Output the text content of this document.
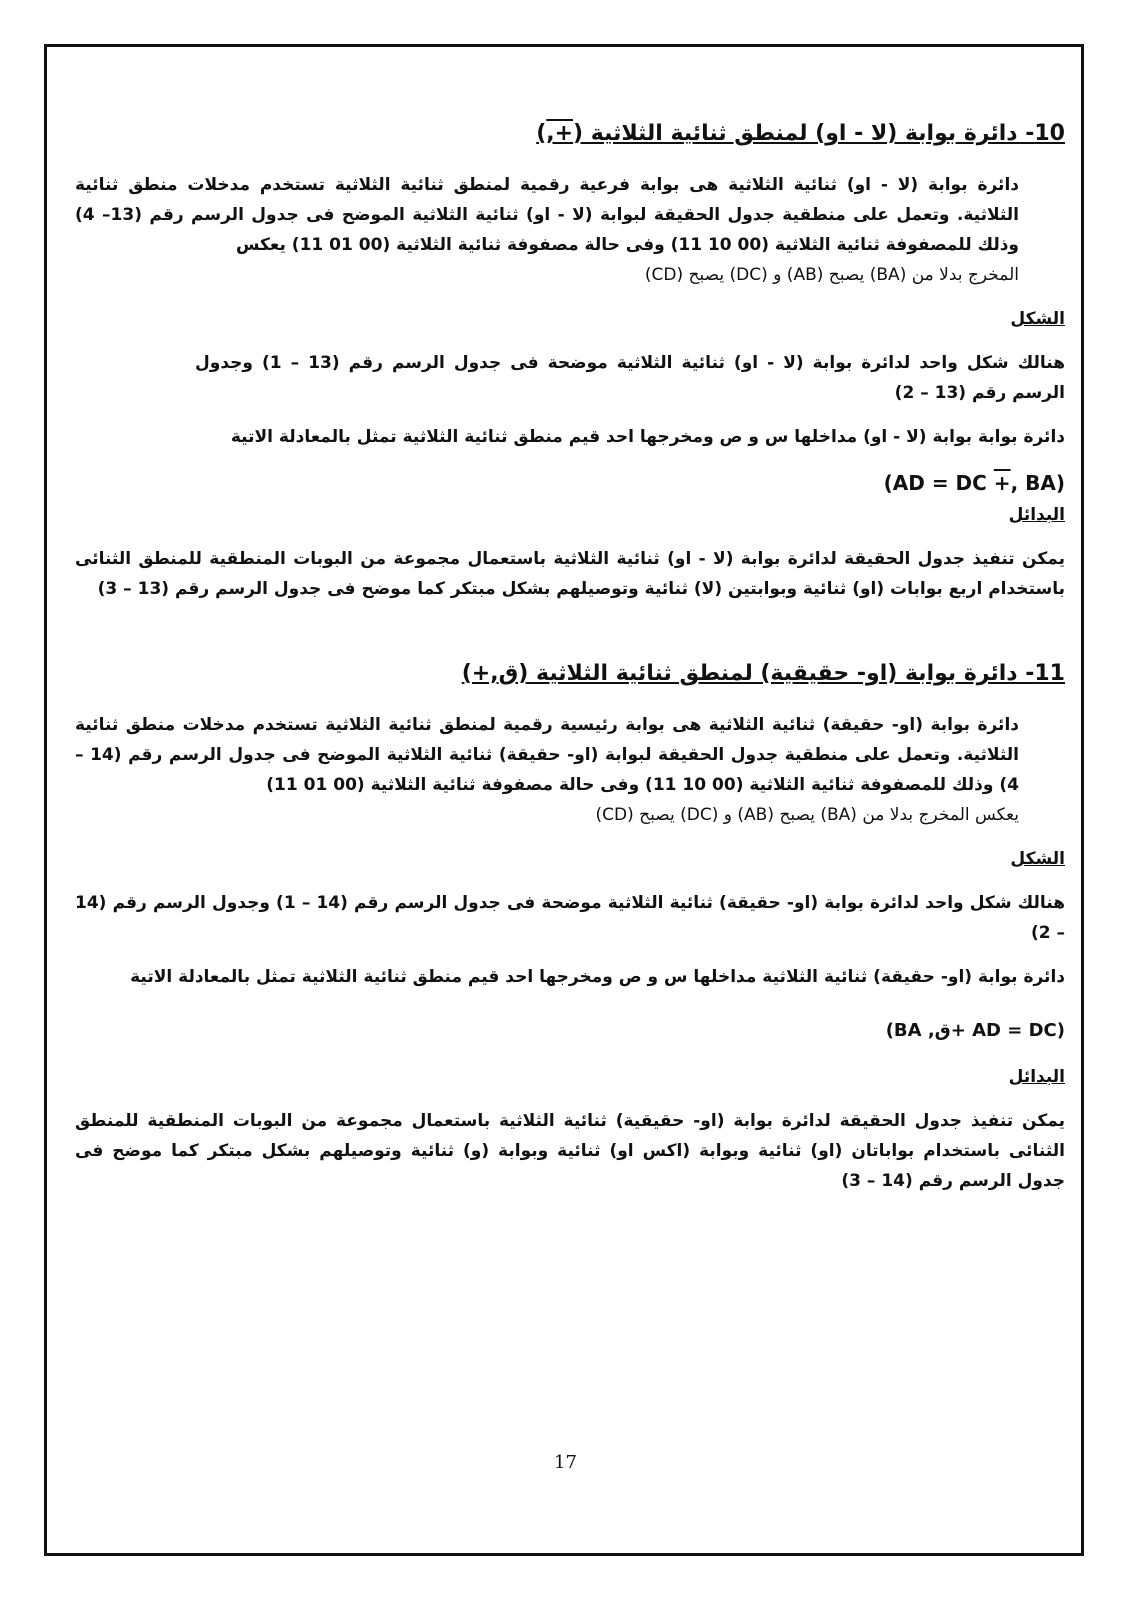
10- دائرة بوابة (لا - او) لمنطق ثنائية الثلاثية (+,)

دائرة بوابة (لا - او) ثنائية الثلاثية هى بوابة فرعية رقمية لمنطق ثنائية الثلاثية تستخدم مدخلات منطق ثنائية الثلاثية. وتعمل على منطقية جدول الحقيقة لبوابة (لا - او) ثنائية الثلاثية الموضح فى جدول الرسم رقم (13– 4) وذلك للمصفوفة ثنائية الثلاثية (00 10 11) وفى حالة مصفوفة ثنائية الثلاثية (00 01 11) يعكس

المخرج بدلا من (BA) يصبح (AB) و (DC) يصبح (CD)

الشكل

هنالك شكل واحد لدائرة بوابة (لا - او) ثنائية الثلاثية موضحة فى جدول الرسم رقم (13 – 1) وجدول الرسم رقم (13 – 2)

دائرة بوابة بوابة (لا - او) مداخلها س و ص ومخرجها احد قيم منطق ثنائية الثلاثية تمثل بالمعادلة الاتية

(AD = DC +, BA)

البدائل

يمكن تنفيذ جدول الحقيقة لدائرة بوابة (لا - او) ثنائية الثلاثية باستعمال مجموعة من البوبات المنطقية للمنطق الثنائى باستخدام اربع بوابات (او) ثنائية وبوابتين (لا) ثنائية وتوصيلهم بشكل مبتكر كما موضح فى جدول الرسم رقم (13 – 3)

11- دائرة بوابة (او- حقيقية) لمنطق ثنائية الثلاثية (ق,+)

دائرة بوابة (او- حقيقة) ثنائية الثلاثية هى بوابة رئيسية رقمية لمنطق ثنائية الثلاثية تستخدم مدخلات منطق ثنائية الثلاثية. وتعمل على منطقية جدول الحقيقة لبوابة (او- حقيقة) ثنائية الثلاثية الموضح فى جدول الرسم رقم (14 – 4) وذلك للمصفوفة ثنائية الثلاثية (00 10 11) وفى حالة مصفوفة ثنائية الثلاثية (00 01 11)

يعكس المخرج بدلا من (BA) يصبح (AB) و (DC) يصبح (CD)

الشكل

هنالك شكل واحد لدائرة بوابة (او- حقيقة) ثنائية الثلاثية موضحة فى جدول الرسم رقم (14 – 1) وجدول الرسم رقم (14 – 2)

دائرة بوابة (او- حقيقة) ثنائية الثلاثية مداخلها س و ص ومخرجها احد قيم منطق ثنائية الثلاثية تمثل بالمعادلة الاتية

(AD = DC +ق, BA)

البدائل

يمكن تنفيذ جدول الحقيقة لدائرة بوابة (او- حقيقية) ثنائية الثلاثية باستعمال مجموعة من البوبات المنطقية للمنطق الثنائى باستخدام بواباتان (او) ثنائية وبوابة (اكس او) ثنائية وبوابة (و) ثنائية وتوصيلهم بشكل مبتكر كما موضح فى جدول الرسم رقم (14 – 3)

17
